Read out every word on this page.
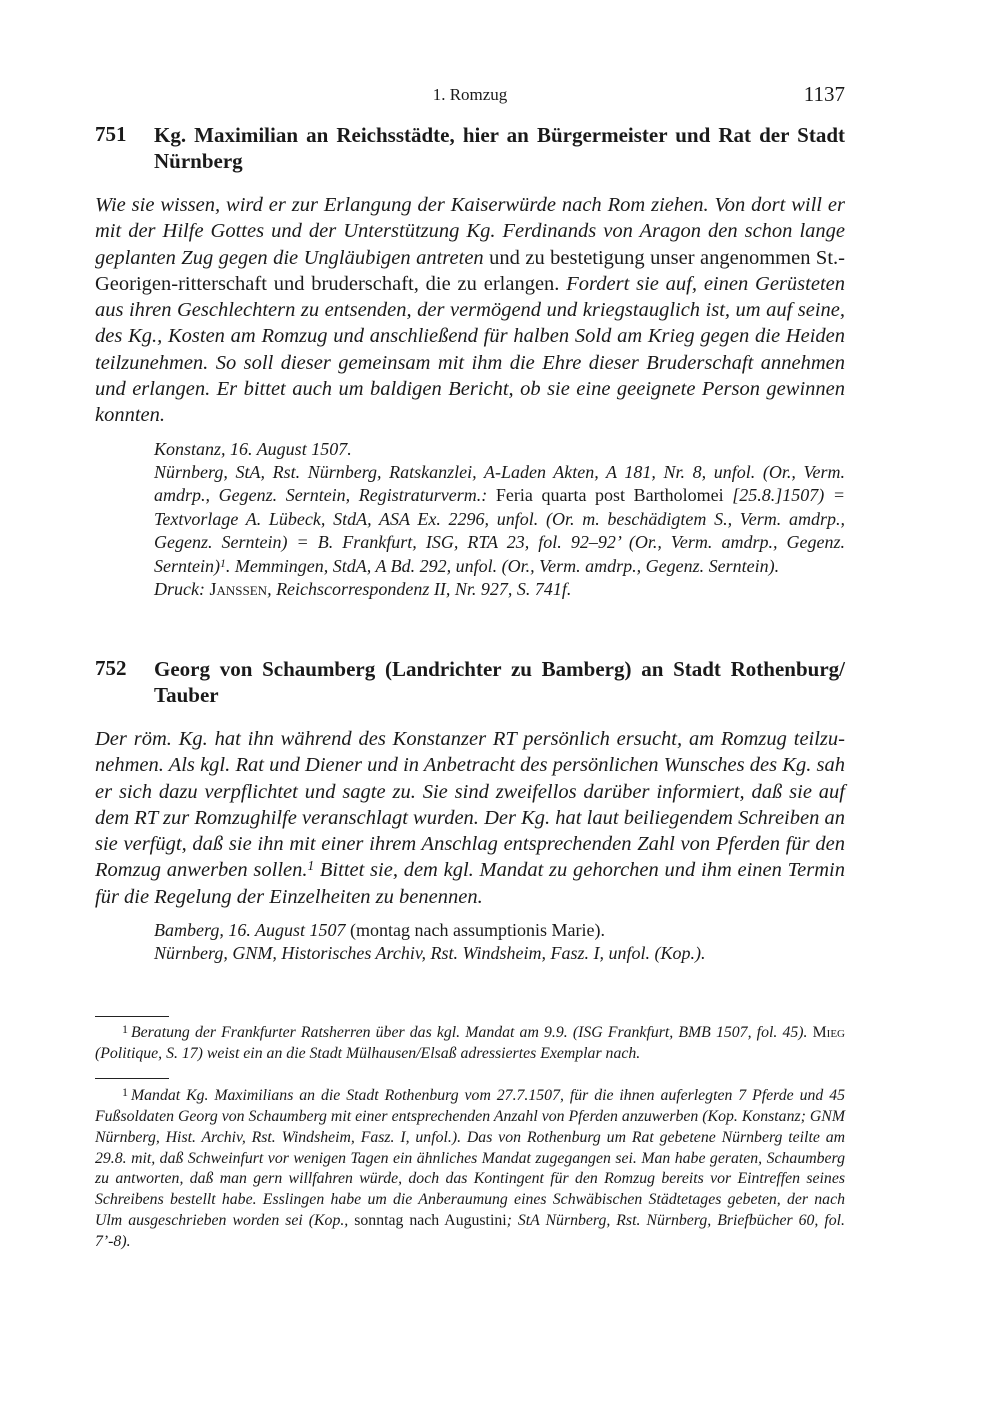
1. Romzug	1137
751 Kg. Maximilian an Reichsstädte, hier an Bürgermeister und Rat der Stadt Nürnberg

Wie sie wissen, wird er zur Erlangung der Kaiserwürde nach Rom ziehen. Von dort will er mit der Hilfe Gottes und der Unterstützung Kg. Ferdinands von Aragon den schon lange geplanten Zug gegen die Ungläubigen antreten und zu bestetigung unser angenommen St.-Georigen-ritterschaft und bruderschaft, die zu erlangen. Fordert sie auf, einen Gerüsteten aus ihren Geschlechtern zu entsenden, der vermögend und kriegstauglich ist, um auf seine, des Kg., Kosten am Romzug und anschließend für halben Sold am Krieg gegen die Heiden teilzunehmen. So soll dieser gemeinsam mit ihm die Ehre dieser Bruderschaft annehmen und erlangen. Er bittet auch um baldigen Bericht, ob sie eine geeignete Person gewinnen konnten.

Konstanz, 16. August 1507.

Nürnberg, StA, Rst. Nürnberg, Ratskanzlei, A-Laden Akten, A 181, Nr. 8, unfol. (Or., Verm. amdrp., Gegenz. Serntein, Registraturverm.: Feria quarta post Bartholomei [25.8.]1507) = Textvorlage A. Lübeck, StdA, ASA Ex. 2296, unfol. (Or. m. beschädigtem S., Verm. amdrp., Gegenz. Serntein) = B. Frankfurt, ISG, RTA 23, fol. 92–92’ (Or., Verm. amdrp., Gegenz. Serntein)$^1$. Memmingen, StdA, A Bd. 292, unfol. (Or., Verm. amdrp., Gegenz. Serntein).

Druck: Janssen, Reichscorrespondenz II, Nr. 927, S. 741f.

752 Georg von Schaumberg (Landrichter zu Bamberg) an Stadt Rothenburg/ Tauber

Der röm. Kg. hat ihn während des Konstanzer RT persönlich ersucht, am Romzug teilzu-nehmen. Als kgl. Rat und Diener und in Anbetracht des persönlichen Wunsches des Kg. sah er sich dazu verpflichtet und sagte zu. Sie sind zweifellos darüber informiert, daß sie auf dem RT zur Romzughilfe veranschlagt wurden. Der Kg. hat laut beiliegendem Schreiben an sie verfügt, daß sie ihn mit einer ihrem Anschlag entsprechenden Zahl von Pferden für den Romzug anwerben sollen.$^1$ Bittet sie, dem kgl. Mandat zu gehorchen und ihm einen Termin für die Regelung der Einzelheiten zu benennen.

Bamberg, 16. August 1507 (montag nach assumptionis Marie).

Nürnberg, GNM, Historisches Archiv, Rst. Windsheim, Fasz. I, unfol. (Kop.).

$^1$ Beratung der Frankfurter Ratsherren über das kgl. Mandat am 9.9. (ISG Frankfurt, BMB 1507, fol. 45). Mieg (Politique, S. 17) weist ein an die Stadt Mülhausen/Elsaß adressiertes Exemplar nach.
$^1$ Mandat Kg. Maximilians an die Stadt Rothenburg vom 27.7.1507, für die ihnen auferlegten 7 Pferde und 45 Fußsoldaten Georg von Schaumberg mit einer entsprechenden Anzahl von Pferden anzuwerben (Kop. Konstanz; GNM Nürnberg, Hist. Archiv, Rst. Windsheim, Fasz. I, unfol.). Das von Rothenburg um Rat gebetene Nürnberg teilte am 29.8. mit, daß Schweinfurt vor wenigen Tagen ein ähnliches Mandat zugegangen sei. Man habe geraten, Schaumberg zu antworten, daß man gern willfahren würde, doch das Kontingent für den Romzug bereits vor Eintreffen seines Schreibens bestellt habe. Esslingen habe um die Anberaumung eines Schwäbischen Städtetages gebeten, der nach Ulm ausgeschrieben worden sei (Kop., sonntag nach Augustini; StA Nürnberg, Rst. Nürnberg, Briefbücher 60, fol. 7’-8).
